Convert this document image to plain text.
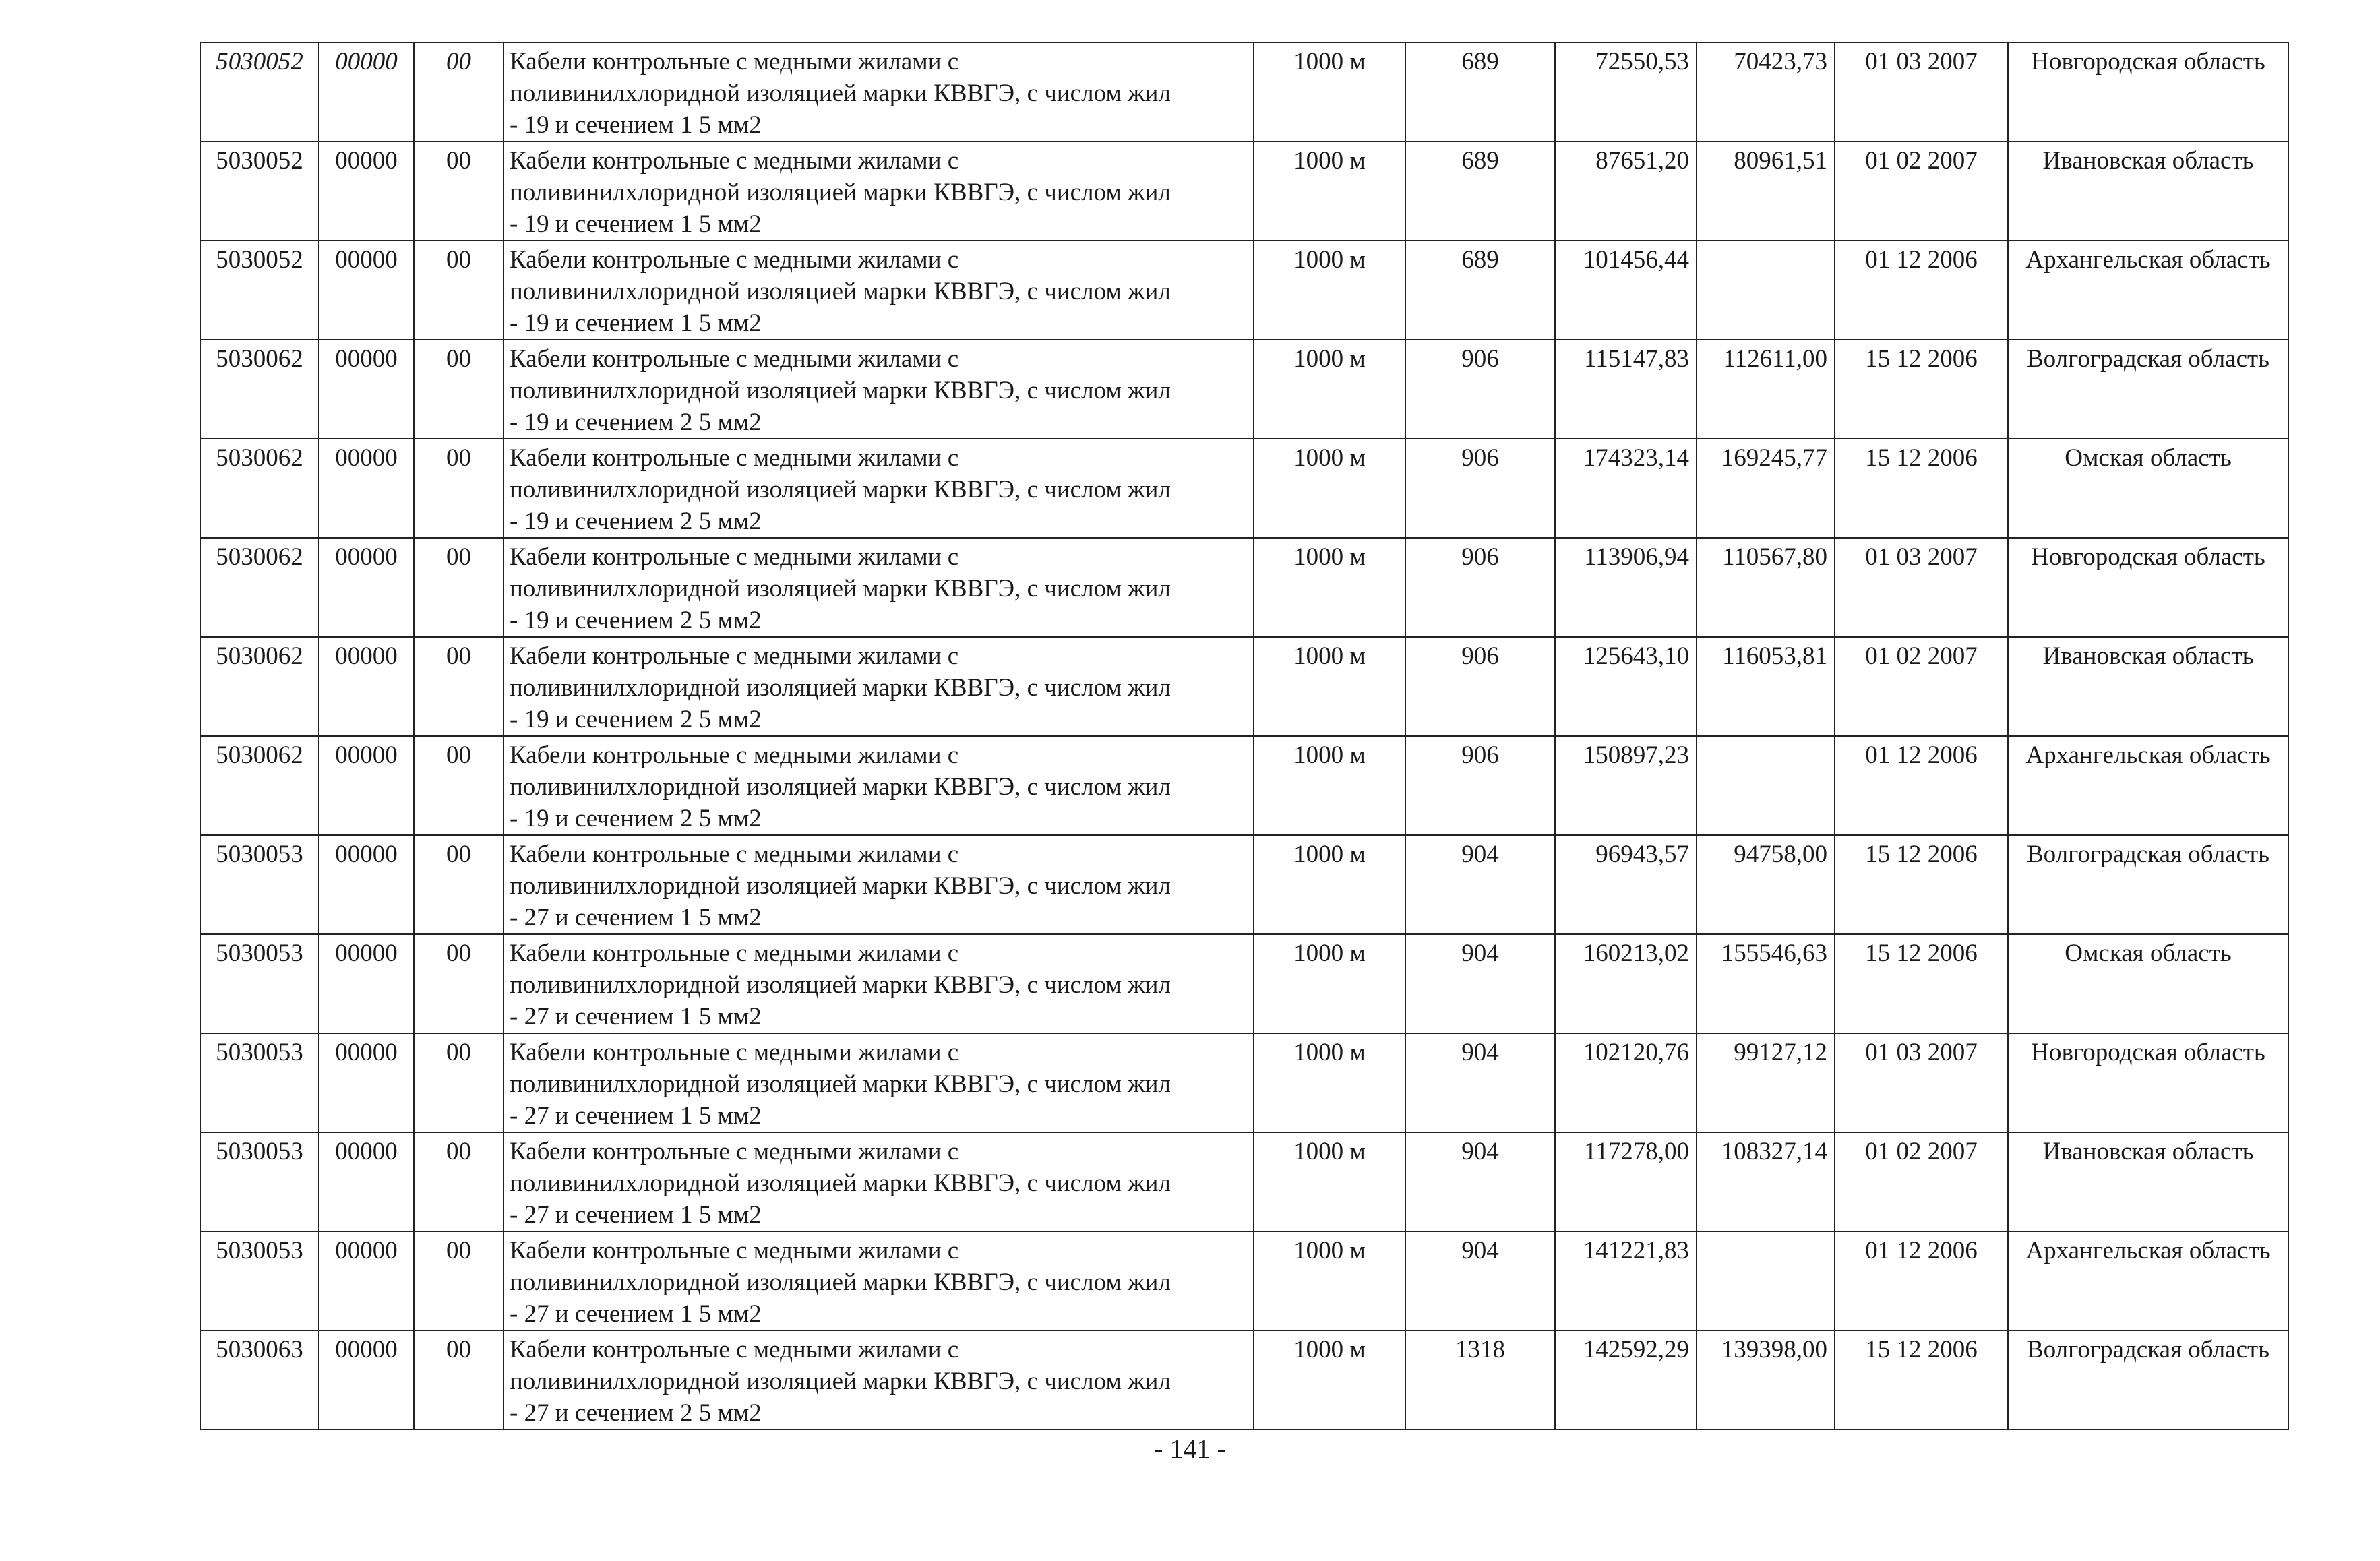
5030052	00000	00	Кабели контрольные с медными жилами с
поливинилхлоридной изоляцией марки КВВГЭ, с числом жил
- 19 и сечением 1 5 мм2	1000 м	689	72550,53	70423,73	01 03 2007	Новгородская область
5030052	00000	00	Кабели контрольные с медными жилами с
поливинилхлоридной изоляцией марки КВВГЭ, с числом жил
- 19 и сечением 1 5 мм2	1000 м	689	87651,20	80961,51	01 02 2007	Ивановская область
5030052	00000	00	Кабели контрольные с медными жилами с
поливинилхлоридной изоляцией марки КВВГЭ, с числом жил
- 19 и сечением 1 5 мм2	1000 м	689	101456,44		01 12 2006	Архангельская область
5030062	00000	00	Кабели контрольные с медными жилами с
поливинилхлоридной изоляцией марки КВВГЭ, с числом жил
- 19 и сечением 2 5 мм2	1000 м	906	115147,83	112611,00	15 12 2006	Волгоградская область
5030062	00000	00	Кабели контрольные с медными жилами с
поливинилхлоридной изоляцией марки КВВГЭ, с числом жил
- 19 и сечением 2 5 мм2	1000 м	906	174323,14	169245,77	15 12 2006	Омская область
5030062	00000	00	Кабели контрольные с медными жилами с
поливинилхлоридной изоляцией марки КВВГЭ, с числом жил
- 19 и сечением 2 5 мм2	1000 м	906	113906,94	110567,80	01 03 2007	Новгородская область
5030062	00000	00	Кабели контрольные с медными жилами с
поливинилхлоридной изоляцией марки КВВГЭ, с числом жил
- 19 и сечением 2 5 мм2	1000 м	906	125643,10	116053,81	01 02 2007	Ивановская область
5030062	00000	00	Кабели контрольные с медными жилами с
поливинилхлоридной изоляцией марки КВВГЭ, с числом жил
- 19 и сечением 2 5 мм2	1000 м	906	150897,23		01 12 2006	Архангельская область
5030053	00000	00	Кабели контрольные с медными жилами с
поливинилхлоридной изоляцией марки КВВГЭ, с числом жил
- 27 и сечением 1 5 мм2	1000 м	904	96943,57	94758,00	15 12 2006	Волгоградская область
5030053	00000	00	Кабели контрольные с медными жилами с
поливинилхлоридной изоляцией марки КВВГЭ, с числом жил
- 27 и сечением 1 5 мм2	1000 м	904	160213,02	155546,63	15 12 2006	Омская область
5030053	00000	00	Кабели контрольные с медными жилами с
поливинилхлоридной изоляцией марки КВВГЭ, с числом жил
- 27 и сечением 1 5 мм2	1000 м	904	102120,76	99127,12	01 03 2007	Новгородская область
5030053	00000	00	Кабели контрольные с медными жилами с
поливинилхлоридной изоляцией марки КВВГЭ, с числом жил
- 27 и сечением 1 5 мм2	1000 м	904	117278,00	108327,14	01 02 2007	Ивановская область
5030053	00000	00	Кабели контрольные с медными жилами с
поливинилхлоридной изоляцией марки КВВГЭ, с числом жил
- 27 и сечением 1 5 мм2	1000 м	904	141221,83		01 12 2006	Архангельская область
5030063	00000	00	Кабели контрольные с медными жилами с
поливинилхлоридной изоляцией марки КВВГЭ, с числом жил
- 27 и сечением 2 5 мм2	1000 м	1318	142592,29	139398,00	15 12 2006	Волгоградская область
- 141 -
